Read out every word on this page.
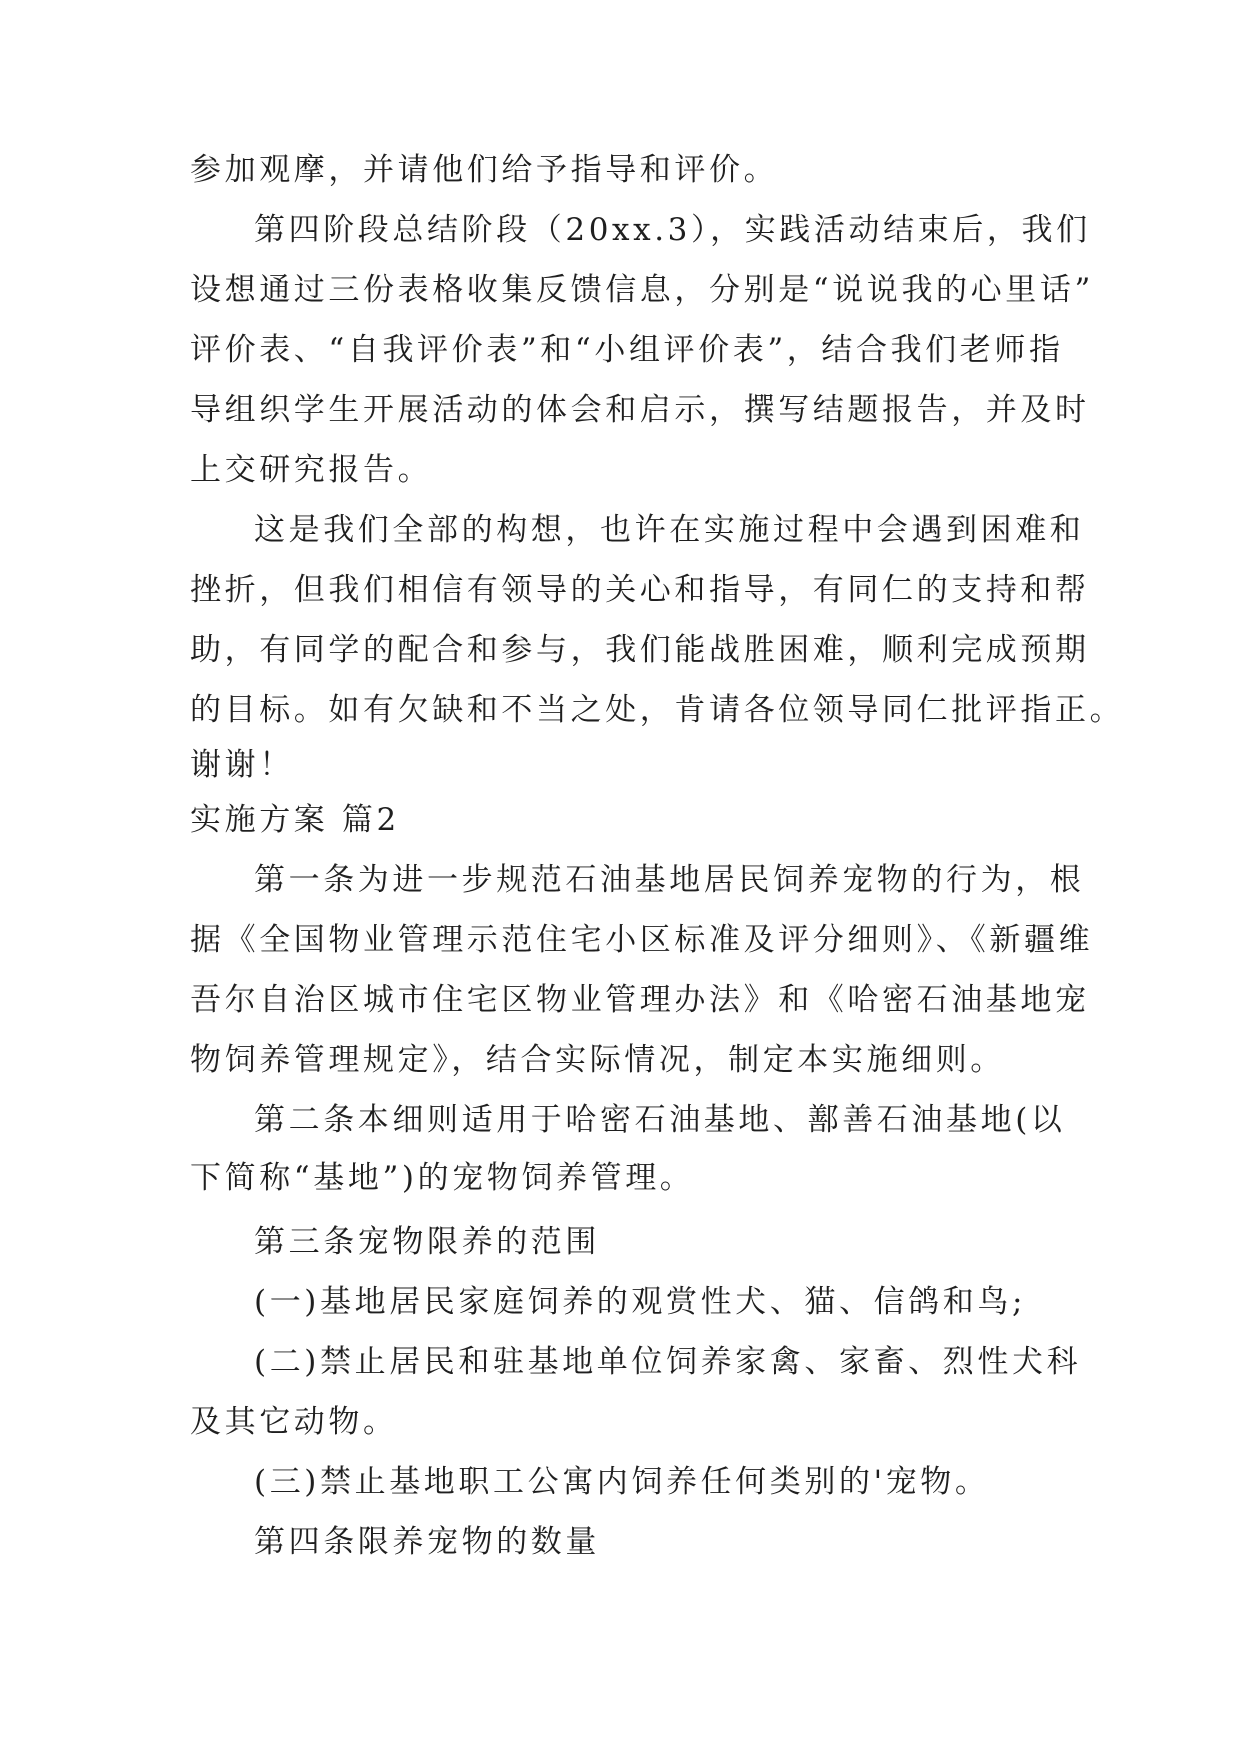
参加观摩，并请他们给予指导和评价。
第四阶段总结阶段（20xx.3），实践活动结束后，我们
设想通过三份表格收集反馈信息，分别是“说说我的心里话”
评价表、“自我评价表”和“小组评价表”，结合我们老师指
导组织学生开展活动的体会和启示，撰写结题报告，并及时
上交研究报告。
这是我们全部的构想，也许在实施过程中会遇到困难和
挫折，但我们相信有领导的关心和指导，有同仁的支持和帮
助，有同学的配合和参与，我们能战胜困难，顺利完成预期
的目标。如有欠缺和不当之处，肯请各位领导同仁批评指正。
谢谢！
实施方案 篇2
第一条为进一步规范石油基地居民饲养宠物的行为，根
据《全国物业管理示范住宅小区标准及评分细则》、《新疆维
吾尔自治区城市住宅区物业管理办法》和《哈密石油基地宠
物饲养管理规定》，结合实际情况，制定本实施细则。
第二条本细则适用于哈密石油基地、鄯善石油基地(以
下简称“基地”)的宠物饲养管理。
第三条宠物限养的范围
(一)基地居民家庭饲养的观赏性犬、猫、信鸽和鸟;
(二)禁止居民和驻基地单位饲养家禽、家畜、烈性犬科
及其它动物。
(三)禁止基地职工公寓内饲养任何类别的'宠物。
第四条限养宠物的数量
